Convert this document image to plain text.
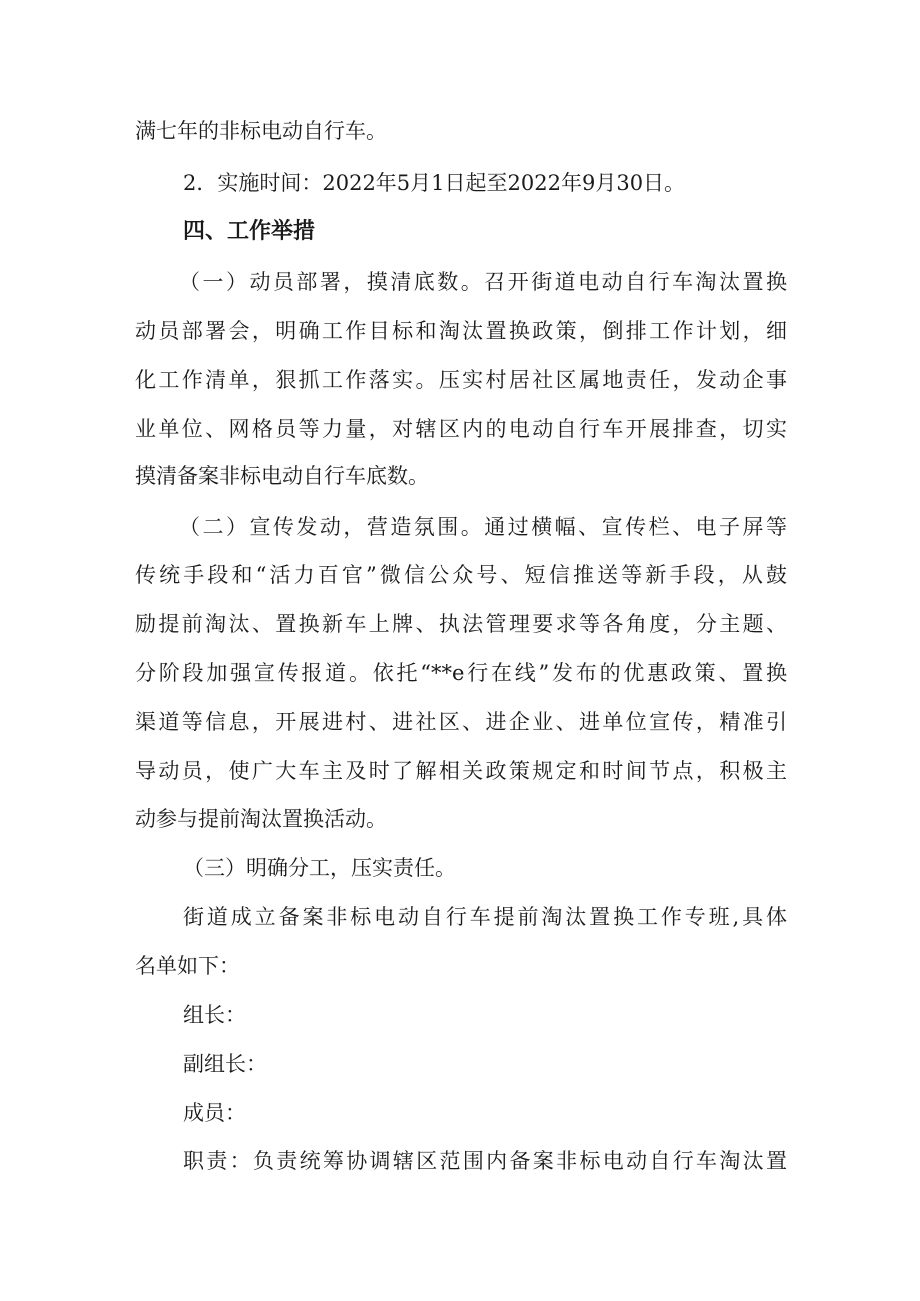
满七年的非标电动自行车。
2．实施时间：2022年5月1日起至2022年9月30日。
四、工作举措
（一）动员部署，摸清底数。召开街道电动自行车淘汰置换
动员部署会，明确工作目标和淘汰置换政策，倒排工作计划，细
化工作清单，狠抓工作落实。压实村居社区属地责任，发动企事
业单位、网格员等力量，对辖区内的电动自行车开展排查，切实
摸清备案非标电动自行车底数。
（二）宣传发动，营造氛围。通过横幅、宣传栏、电子屏等
传统手段和“活力百官”微信公众号、短信推送等新手段，从鼓
励提前淘汰、置换新车上牌、执法管理要求等各角度，分主题、
分阶段加强宣传报道。依托“**e行在线”发布的优惠政策、置换
渠道等信息，开展进村、进社区、进企业、进单位宣传，精准引
导动员，使广大车主及时了解相关政策规定和时间节点，积极主
动参与提前淘汰置换活动。
（三）明确分工，压实责任。
街道成立备案非标电动自行车提前淘汰置换工作专班,具体
名单如下：
组长：
副组长：
成员：
职责：负责统筹协调辖区范围内备案非标电动自行车淘汰置
